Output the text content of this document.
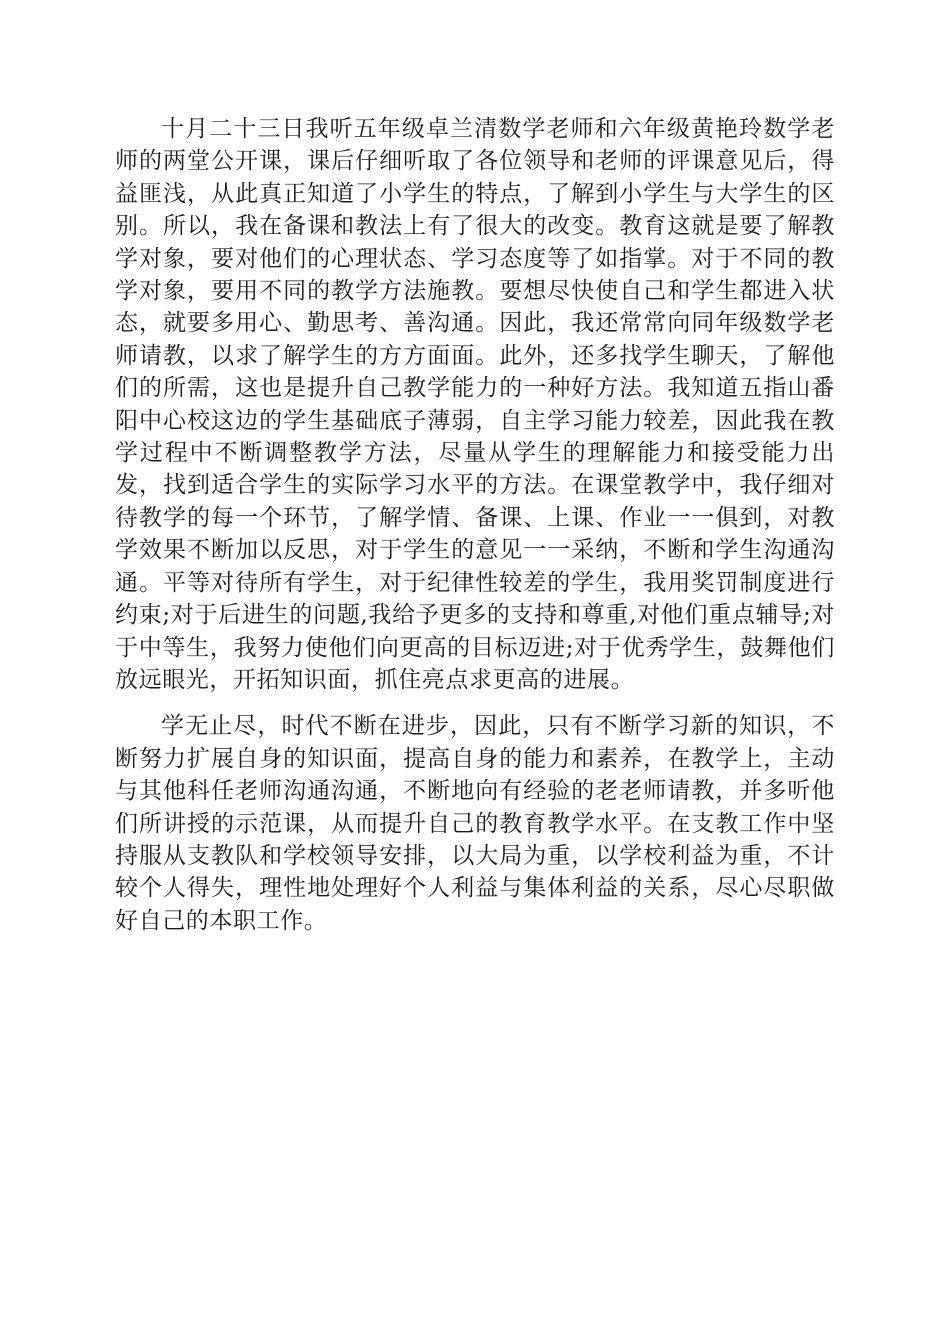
十月二十三日我听五年级卓兰清数学老师和六年级黄艳玲数学老师的两堂公开课，课后仔细听取了各位领导和老师的评课意见后，得益匪浅，从此真正知道了小学生的特点，了解到小学生与大学生的区别。所以，我在备课和教法上有了很大的改变。教育这就是要了解教学对象，要对他们的心理状态、学习态度等了如指掌。对于不同的教学对象，要用不同的教学方法施教。要想尽快使自己和学生都进入状态，就要多用心、勤思考、善沟通。因此，我还常常向同年级数学老师请教，以求了解学生的方方面面。此外，还多找学生聊天，了解他们的所需，这也是提升自己教学能力的一种好方法。我知道五指山番阳中心校这边的学生基础底子薄弱，自主学习能力较差，因此我在教学过程中不断调整教学方法，尽量从学生的理解能力和接受能力出发，找到适合学生的实际学习水平的方法。在课堂教学中，我仔细对待教学的每一个环节，了解学情、备课、上课、作业一一俱到，对教学效果不断加以反思，对于学生的意见一一采纳，不断和学生沟通沟通。平等对待所有学生，对于纪律性较差的学生，我用奖罚制度进行约束;对于后进生的问题,我给予更多的支持和尊重,对他们重点辅导;对于中等生，我努力使他们向更高的目标迈进;对于优秀学生，鼓舞他们放远眼光，开拓知识面，抓住亮点求更高的进展。

学无止尽，时代不断在进步，因此，只有不断学习新的知识，不断努力扩展自身的知识面，提高自身的能力和素养，在教学上，主动与其他科任老师沟通沟通，不断地向有经验的老老师请教，并多听他们所讲授的示范课，从而提升自己的教育教学水平。在支教工作中坚持服从支教队和学校领导安排，以大局为重，以学校利益为重，不计较个人得失，理性地处理好个人利益与集体利益的关系，尽心尽职做好自己的本职工作。
